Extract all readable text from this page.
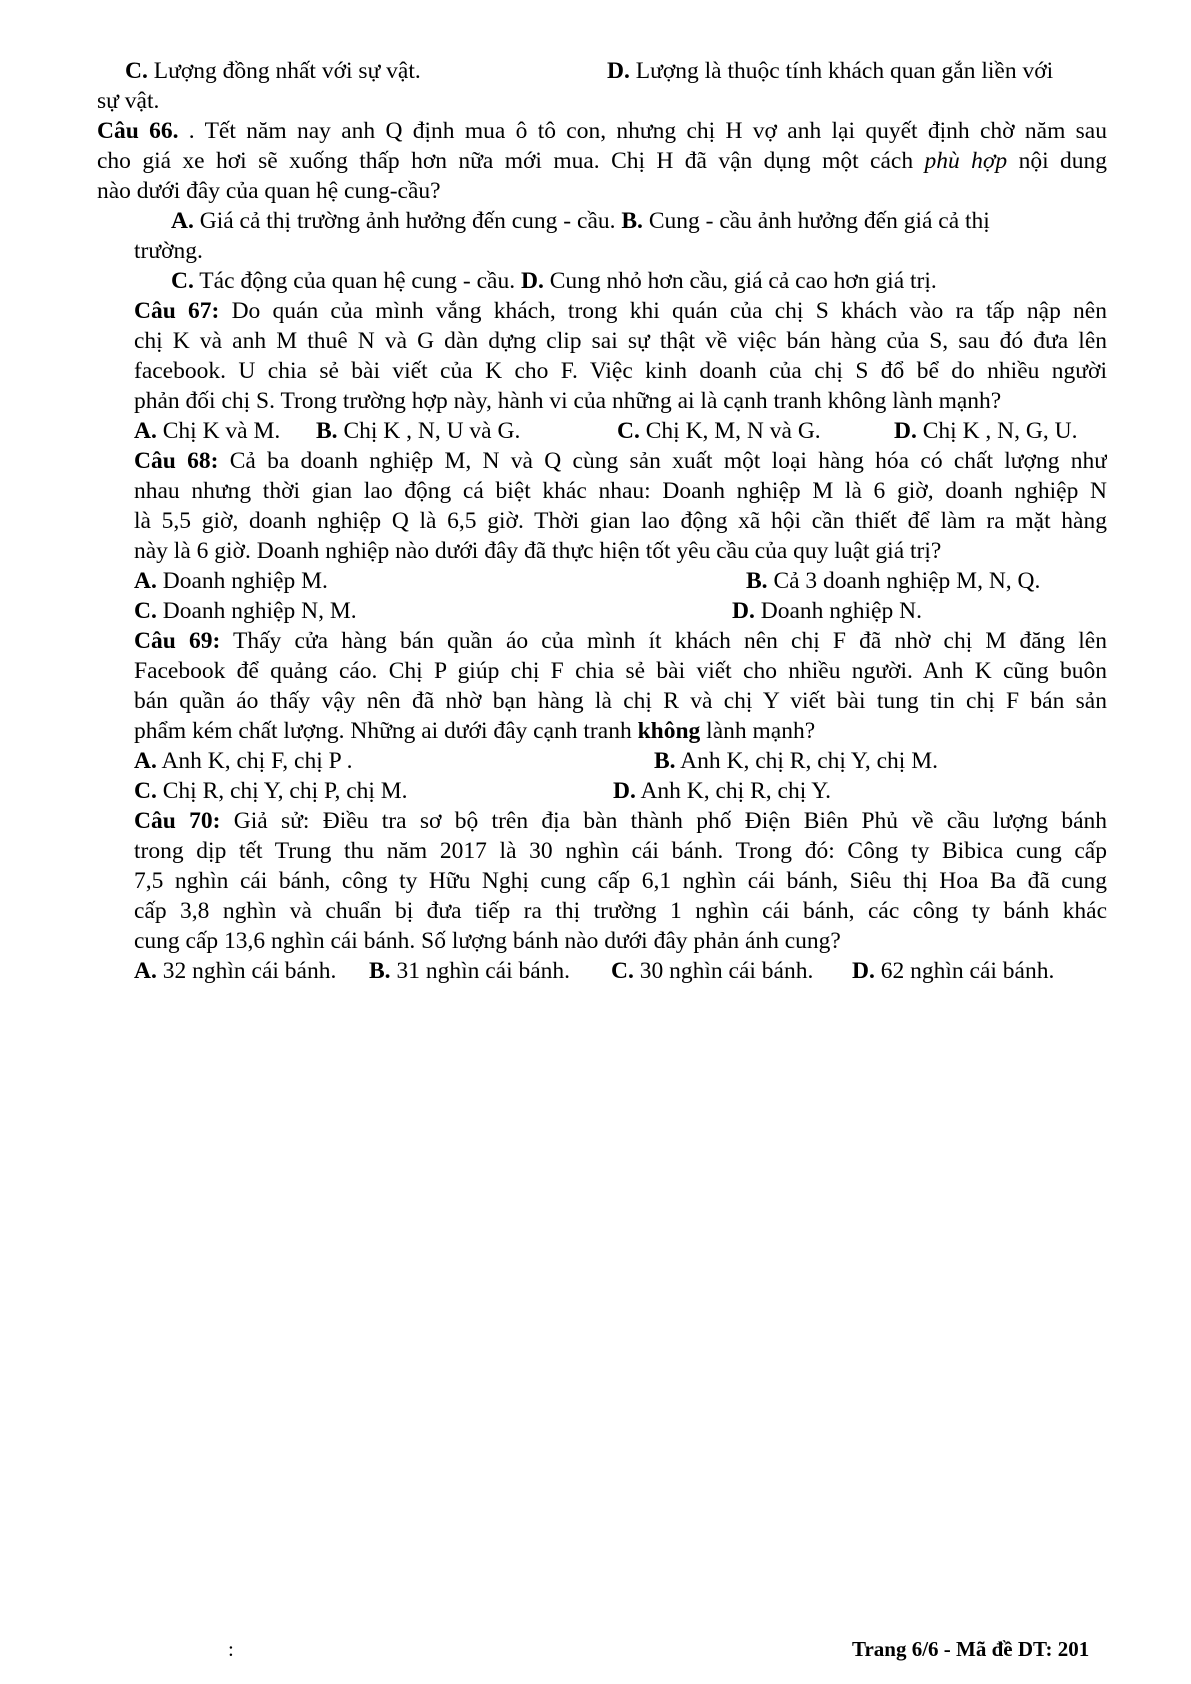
C. Lượng đồng nhất với sự vật.	D. Lượng là thuộc tính khách quan gắn liền với
sự vật.
Câu 66. . Tết năm nay anh Q định mua ô tô con, nhưng chị H vợ anh lại quyết định chờ năm sau
cho giá xe hơi sẽ xuống thấp hơn nữa mới mua. Chị H đã vận dụng một cách phù hợp nội dung
nào dưới đây của quan hệ cung-cầu?
A. Giá cả thị trường ảnh hưởng đến cung - cầu. B. Cung - cầu ảnh hưởng đến giá cả thị
trường.
C. Tác động của quan hệ cung - cầu. D. Cung nhỏ hơn cầu, giá cả cao hơn giá trị.
Câu 67: Do quán của mình vắng khách, trong khi quán của chị S khách vào ra tấp nập nên
chị K và anh M thuê N và G dàn dựng clip sai sự thật về việc bán hàng của S, sau đó đưa lên
facebook. U chia sẻ bài viết của K cho F. Việc kinh doanh của chị S đổ bể do nhiều người
phản đối chị S. Trong trường hợp này, hành vi của những ai là cạnh tranh không lành mạnh?
A. Chị K và M. B. Chị K , N, U và G.	C. Chị K, M, N và G.	D. Chị K , N, G, U.
Câu 68: Cả ba doanh nghiệp M, N và Q cùng sản xuất một loại hàng hóa có chất lượng như
nhau nhưng thời gian lao động cá biệt khác nhau: Doanh nghiệp M là 6 giờ, doanh nghiệp N
là 5,5 giờ, doanh nghiệp Q là 6,5 giờ. Thời gian lao động xã hội cần thiết để làm ra mặt hàng
này là 6 giờ. Doanh nghiệp nào dưới đây đã thực hiện tốt yêu cầu của quy luật giá trị?
A. Doanh nghiệp M.	B. Cả 3 doanh nghiệp M, N, Q.
C. Doanh nghiệp N, M.	D. Doanh nghiệp N.
Câu 69: Thấy cửa hàng bán quần áo của mình ít khách nên chị F đã nhờ chị M đăng lên
Facebook để quảng cáo. Chị P giúp chị F chia sẻ bài viết cho nhiều người. Anh K cũng buôn
bán quần áo thấy vậy nên đã nhờ bạn hàng là chị R và chị Y viết bài tung tin chị F bán sản
phẩm kém chất lượng. Những ai dưới đây cạnh tranh không lành mạnh?
A. Anh K, chị F, chị P .	B. Anh K, chị R, chị Y, chị M.
C. Chị R, chị Y, chị P, chị M.	D. Anh K, chị R, chị Y.
Câu 70: Giả sử: Điều tra sơ bộ trên địa bàn thành phố Điện Biên Phủ về cầu lượng bánh
trong dịp tết Trung thu năm 2017 là 30 nghìn cái bánh. Trong đó: Công ty Bibica cung cấp
7,5 nghìn cái bánh, công ty Hữu Nghị cung cấp 6,1 nghìn cái bánh, Siêu thị Hoa Ba đã cung
cấp 3,8 nghìn và chuẩn bị đưa tiếp ra thị trường 1 nghìn cái bánh, các công ty bánh khác
cung cấp 13,6 nghìn cái bánh. Số lượng bánh nào dưới đây phản ánh cung?
A. 32 nghìn cái bánh. B. 31 nghìn cái bánh. C. 30 nghìn cái bánh. D. 62 nghìn cái bánh.
:	Trang 6/6 - Mã đề DT: 201
